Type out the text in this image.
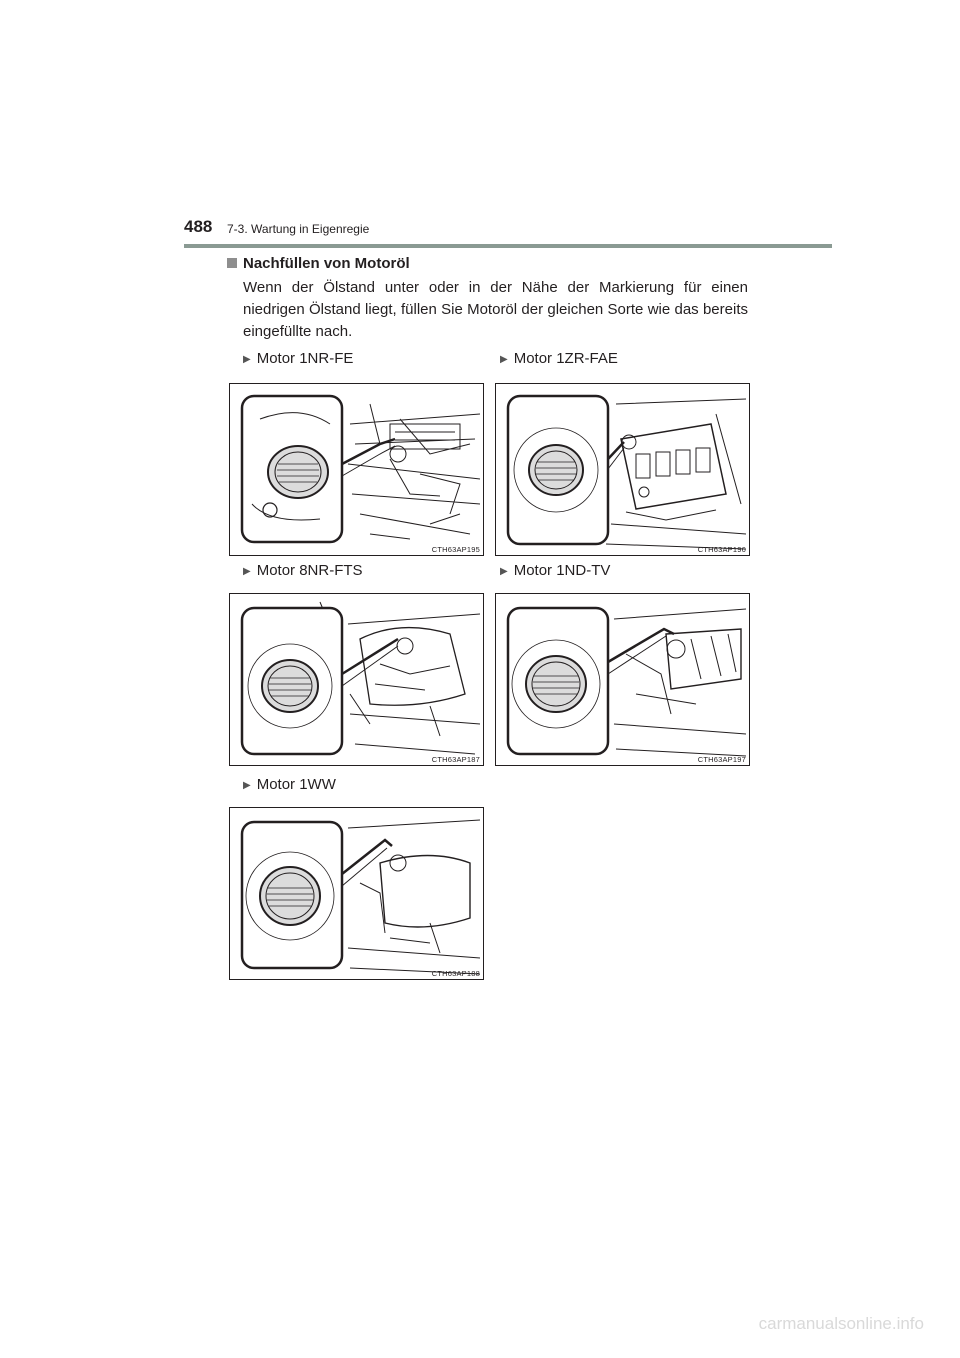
488 7-3. Wartung in Eigenregie
Nachfüllen von Motoröl

Wenn der Ölstand unter oder in der Nähe der Markierung für einen niedrigen Ölstand liegt, füllen Sie Motoröl der gleichen Sorte wie das bereits eingefüllte nach.

▶ Motor 1NR-FE
CTH63AP195
▶ Motor 1ZR-FAE
CTH63AP196
▶ Motor 8NR-FTS
CTH63AP187
▶ Motor 1ND-TV
CTH63AP197
▶ Motor 1WW
CTH63AP188
carmanualsonline.info
